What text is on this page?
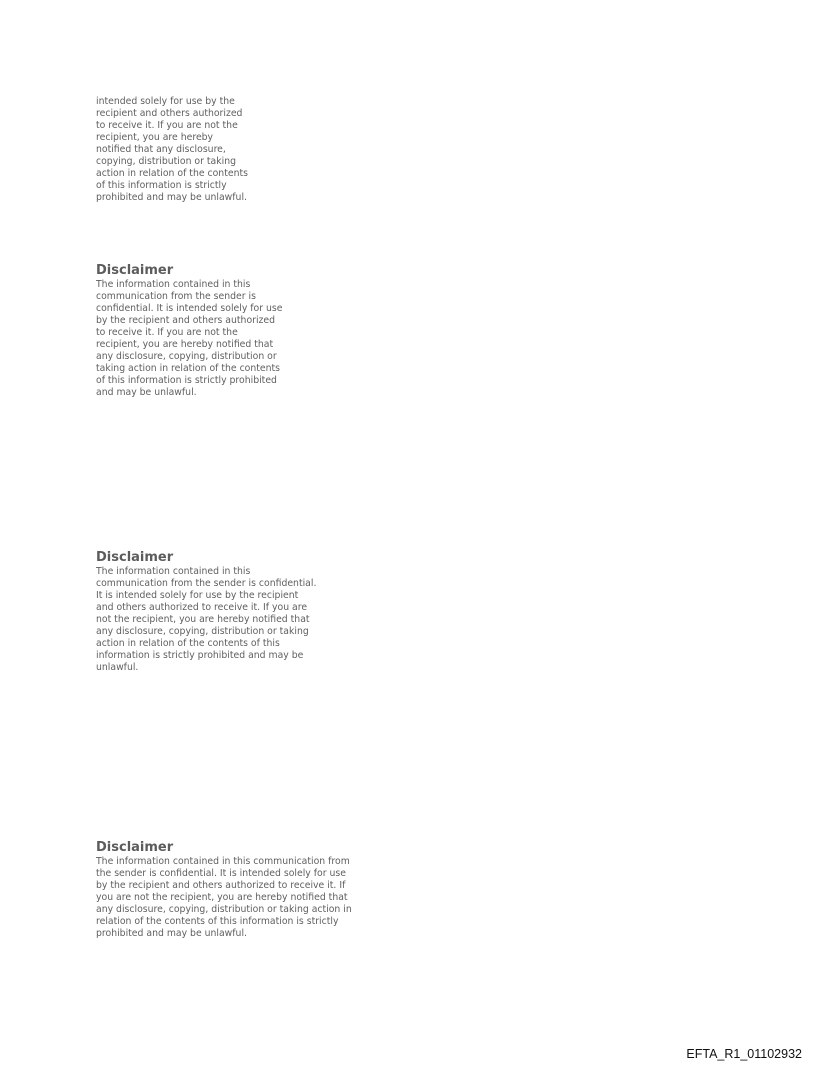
intended solely for use by the
recipient and others authorized
to receive it. If you are not the
recipient, you are hereby
notified that any disclosure,
copying, distribution or taking
action in relation of the contents
of this information is strictly
prohibited and may be unlawful.
Disclaimer
The information contained in this
communication from the sender is
confidential. It is intended solely for use
by the recipient and others authorized
to receive it. If you are not the
recipient, you are hereby notified that
any disclosure, copying, distribution or
taking action in relation of the contents
of this information is strictly prohibited
and may be unlawful.
Disclaimer
The information contained in this
communication from the sender is confidential.
It is intended solely for use by the recipient
and others authorized to receive it. If you are
not the recipient, you are hereby notified that
any disclosure, copying, distribution or taking
action in relation of the contents of this
information is strictly prohibited and may be
unlawful.
Disclaimer
The information contained in this communication from
the sender is confidential. It is intended solely for use
by the recipient and others authorized to receive it. If
you are not the recipient, you are hereby notified that
any disclosure, copying, distribution or taking action in
relation of the contents of this information is strictly
prohibited and may be unlawful.
EFTA_R1_01102932
